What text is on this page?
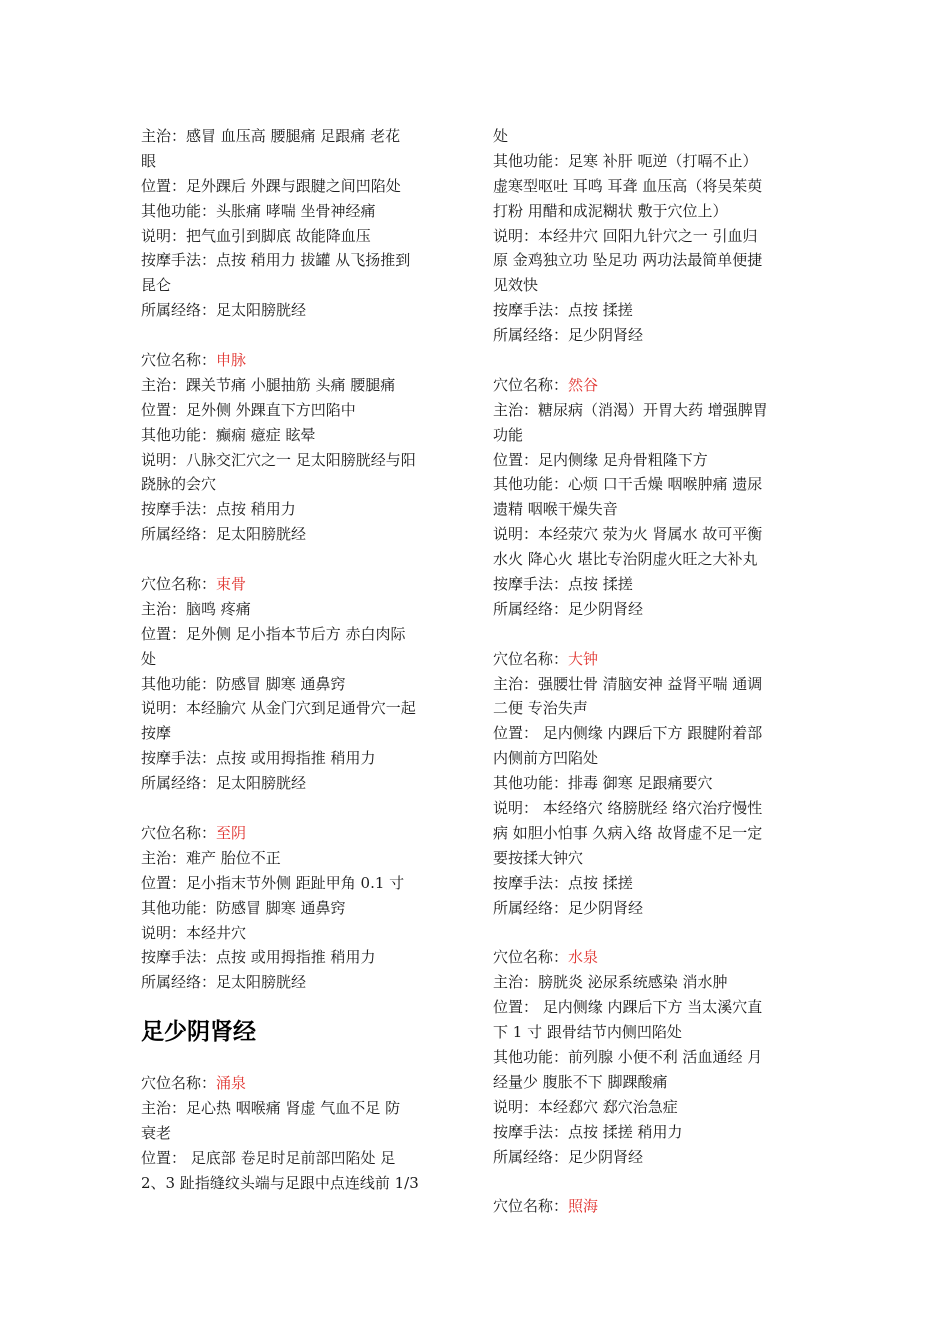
主治：感冒 血压高 腰腿痛 足跟痛 老花
眼
位置：足外踝后 外踝与跟腱之间凹陷处
其他功能：头胀痛 哮喘 坐骨神经痛
说明：把气血引到脚底 故能降血压
按摩手法：点按 稍用力 拔罐 从飞扬推到
昆仑
所属经络：足太阳膀胱经
穴位名称：申脉
主治：踝关节痛 小腿抽筋 头痛 腰腿痛
位置：足外侧 外踝直下方凹陷中
其他功能：癫痫 癔症 眩晕
说明：八脉交汇穴之一 足太阳膀胱经与阳
跷脉的会穴
按摩手法：点按 稍用力
所属经络：足太阳膀胱经
穴位名称：束骨
主治：脑鸣 疼痛
位置：足外侧 足小指本节后方 赤白肉际
处
其他功能：防感冒 脚寒 通鼻窍
说明：本经腧穴 从金门穴到足通骨穴一起
按摩
按摩手法：点按 或用拇指推 稍用力
所属经络：足太阳膀胱经
穴位名称：至阴
主治：难产 胎位不正
位置：足小指末节外侧 距趾甲角 0.1 寸
其他功能：防感冒 脚寒 通鼻窍
说明：本经井穴
按摩手法：点按 或用拇指推 稍用力
所属经络：足太阳膀胱经
足少阴肾经
穴位名称：涌泉
主治：足心热 咽喉痛 肾虚 气血不足 防
衰老
位置： 足底部 卷足时足前部凹陷处 足
2、3 趾指缝纹头端与足跟中点连线前 1/3
处
其他功能：足寒 补肝 呃逆（打嗝不止）
虚寒型呕吐 耳鸣 耳聋 血压高（将吴茱萸
打粉 用醋和成泥糊状 敷于穴位上）
说明：本经井穴 回阳九针穴之一 引血归
原 金鸡独立功 坠足功 两功法最简单便捷
见效快
按摩手法：点按 揉搓
所属经络：足少阴肾经
穴位名称：然谷
主治：糖尿病（消渴）开胃大药 增强脾胃
功能
位置：足内侧缘 足舟骨粗隆下方
其他功能：心烦 口干舌燥 咽喉肿痛 遗尿
遗精 咽喉干燥失音
说明：本经荥穴 荥为火 肾属水 故可平衡
水火 降心火 堪比专治阴虚火旺之大补丸
按摩手法：点按 揉搓
所属经络：足少阴肾经
穴位名称：大钟
主治：强腰壮骨 清脑安神 益肾平喘 通调
二便 专治失声
位置： 足内侧缘 内踝后下方 跟腱附着部
内侧前方凹陷处
其他功能：排毒 御寒 足跟痛要穴
说明： 本经络穴 络膀胱经 络穴治疗慢性
病 如胆小怕事 久病入络 故肾虚不足一定
要按揉大钟穴
按摩手法：点按 揉搓
所属经络：足少阴肾经
穴位名称：水泉
主治：膀胱炎 泌尿系统感染 消水肿
位置： 足内侧缘 内踝后下方 当太溪穴直
下 1 寸 跟骨结节内侧凹陷处
其他功能：前列腺 小便不利 活血通经 月
经量少 腹胀不下 脚踝酸痛
说明：本经郄穴 郄穴治急症
按摩手法：点按 揉搓 稍用力
所属经络：足少阴肾经
穴位名称：照海
